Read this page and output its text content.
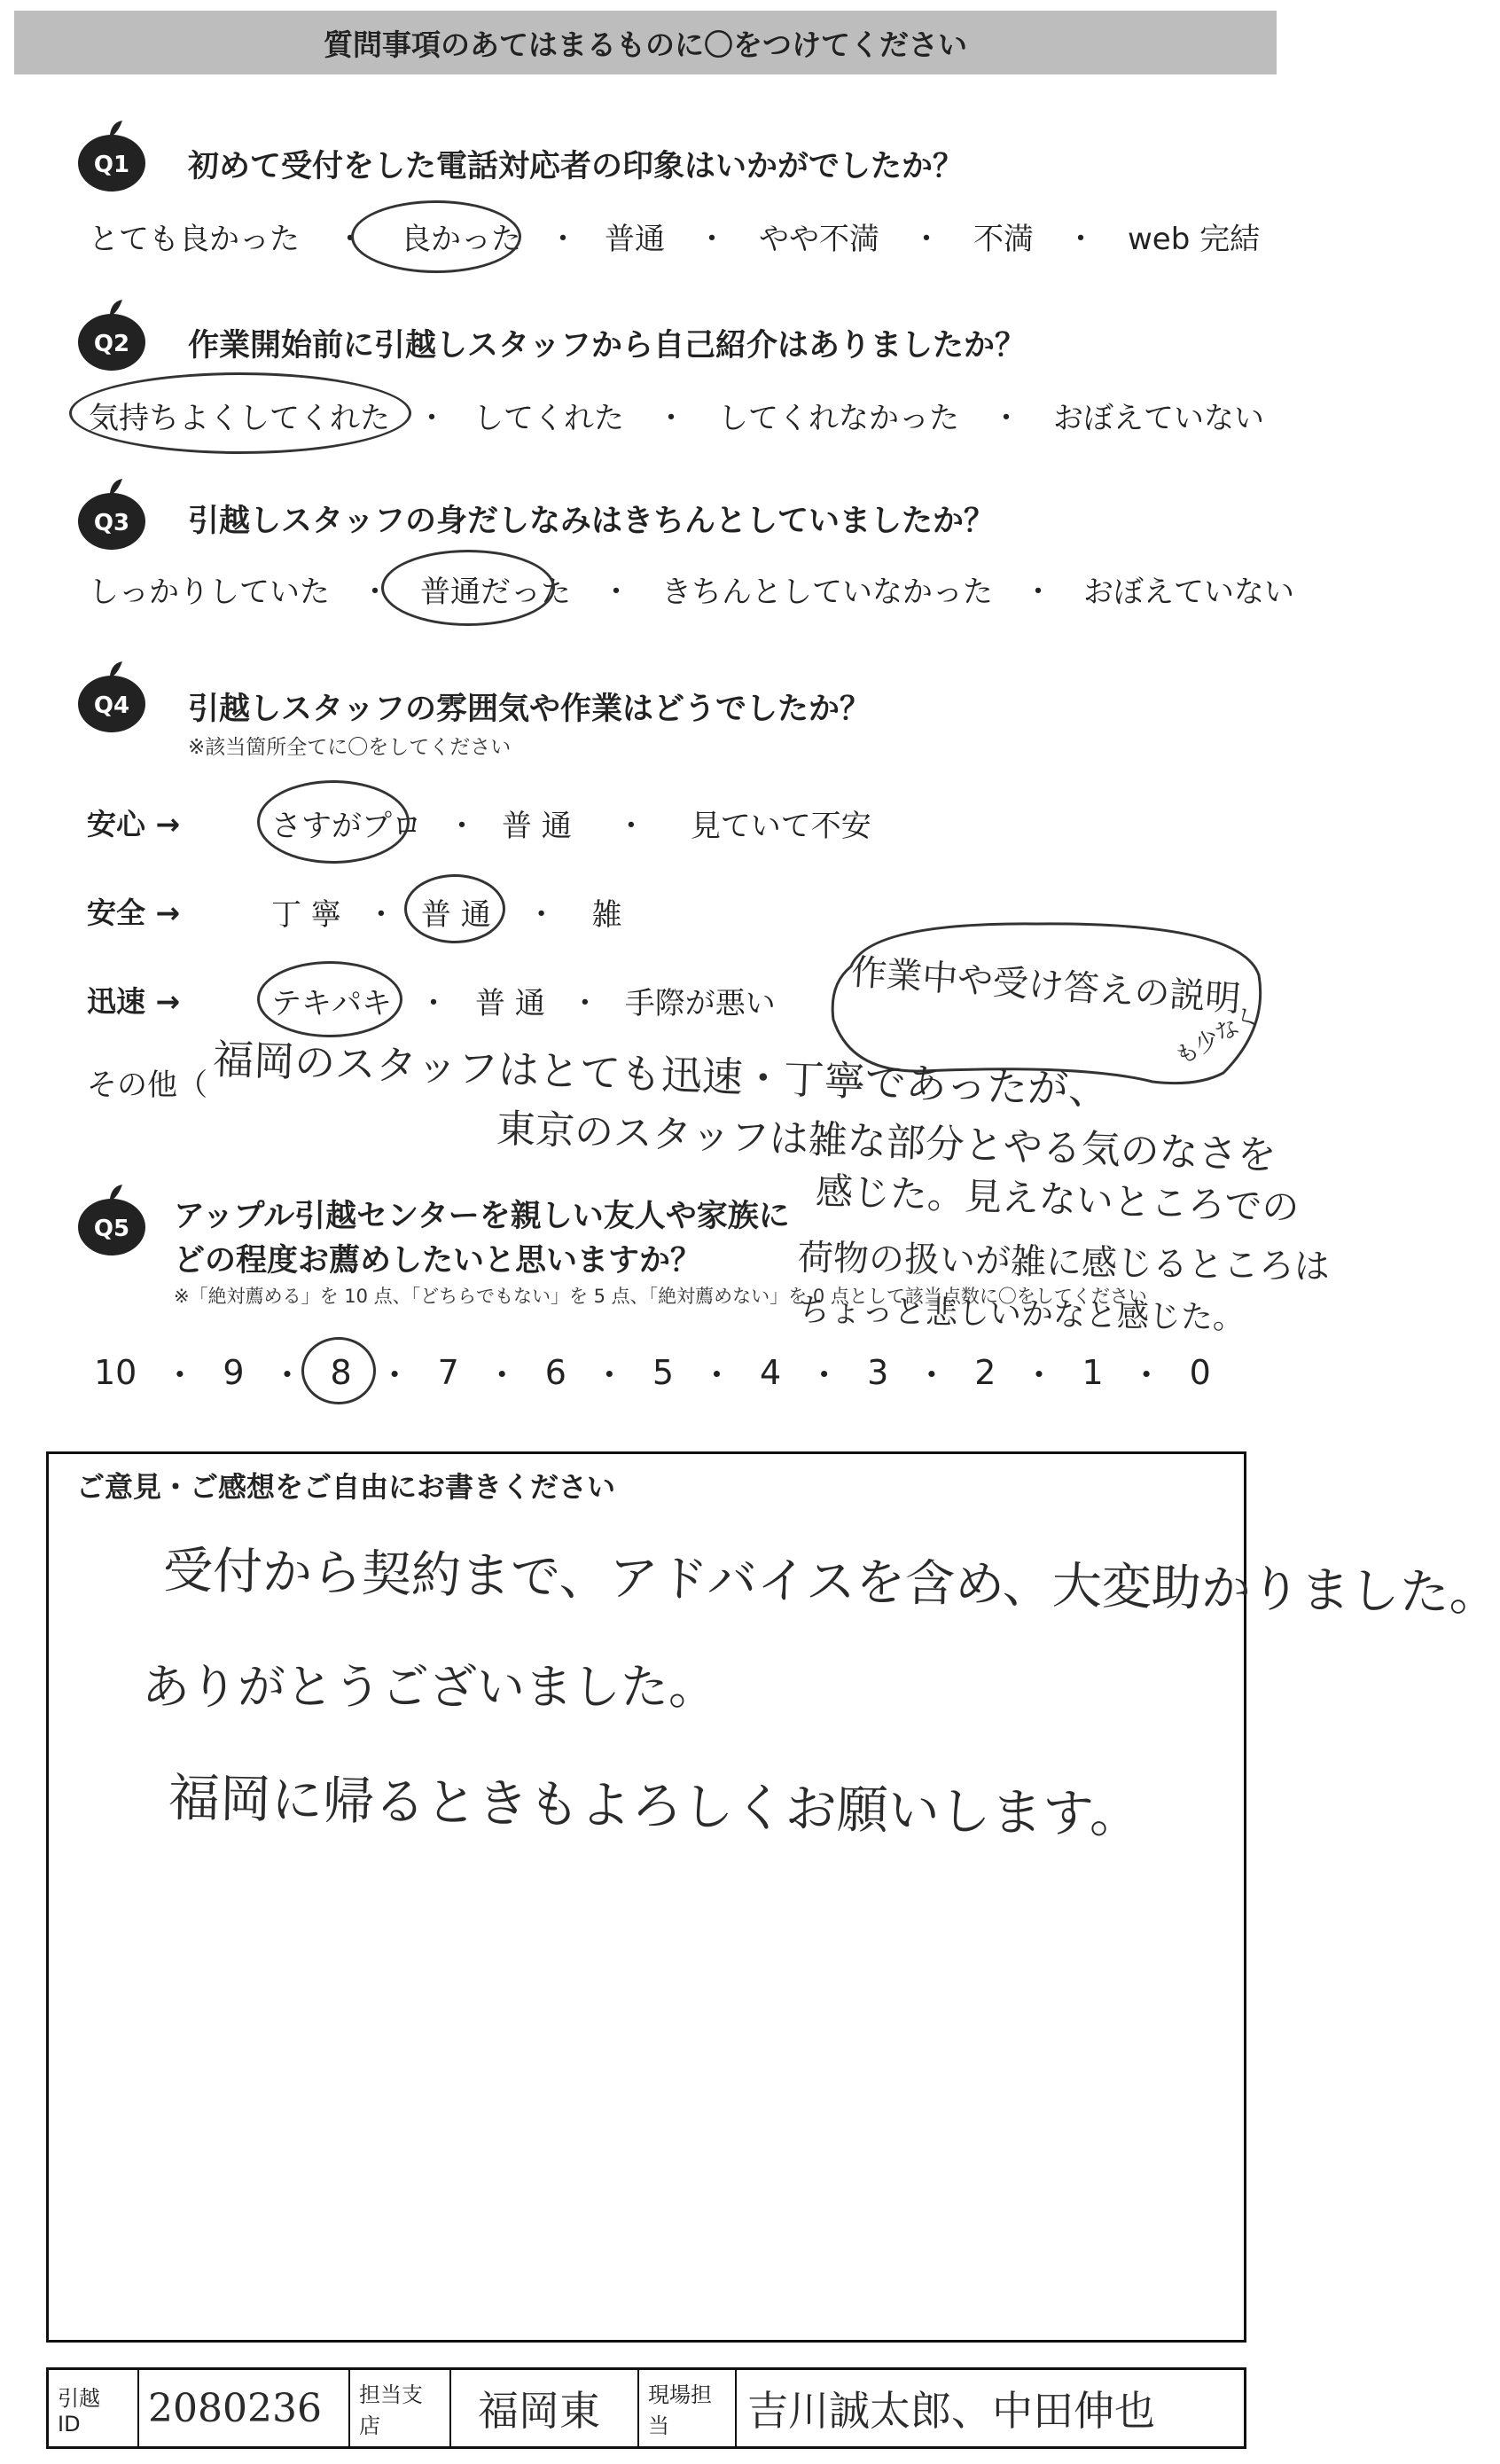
質問事項のあてはまるものに〇をつけてください
Q1 初めて受付をした電話対応者の印象はいかがでしたか？
とても良かった ・ 良かった ・ 普通 ・ やや不満 ・ 不満 ・ web 完結
Q2 作業開始前に引越しスタッフから自己紹介はありましたか？
気持ちよくしてくれた ・ してくれた ・ してくれなかった ・ おぼえていない
Q3 引越しスタッフの身だしなみはきちんとしていましたか？
しっかりしていた ・ 普通だった ・ きちんとしていなかった ・ おぼえていない
Q4 引越しスタッフの雰囲気や作業はどうでしたか？
※該当箇所全てに〇をしてください
安心 →	さすがプロ ・ 普 通 ・ 見ていて不安
安全 →	丁 寧 ・ 普 通 ・ 雑
迅速 →	テキパキ ・ 普 通 ・ 手際が悪い
その他（
作業中や受け答えの説明
も少なく
福岡のスタッフはとても迅速・丁寧であったが、
東京のスタッフは雑な部分とやる気のなさを
感じた。見えないところでの
荷物の扱いが雑に感じるところは
ちょっと悲しいかなと感じた。
Q5 アップル引越センターを親しい友人や家族に
どの程度お薦めしたいと思いますか？
※「絶対薦める」を 10 点、「どちらでもない」を 5 点、「絶対薦めない」を 0 点として該当点数に〇をしてください
10 ・ 9 ・ 8 ・ 7 ・ 6 ・ 5 ・ 4 ・ 3 ・ 2 ・ 1 ・ 0
ご意見・ご感想をご自由にお書きください
受付から契約まで、アドバイスを含め、大変助かりました。
ありがとうございました。
福岡に帰るときもよろしくお願いします。
引越 ID	2080236	担当支店	福岡東	現場担当	吉川誠太郎、中田伸也
